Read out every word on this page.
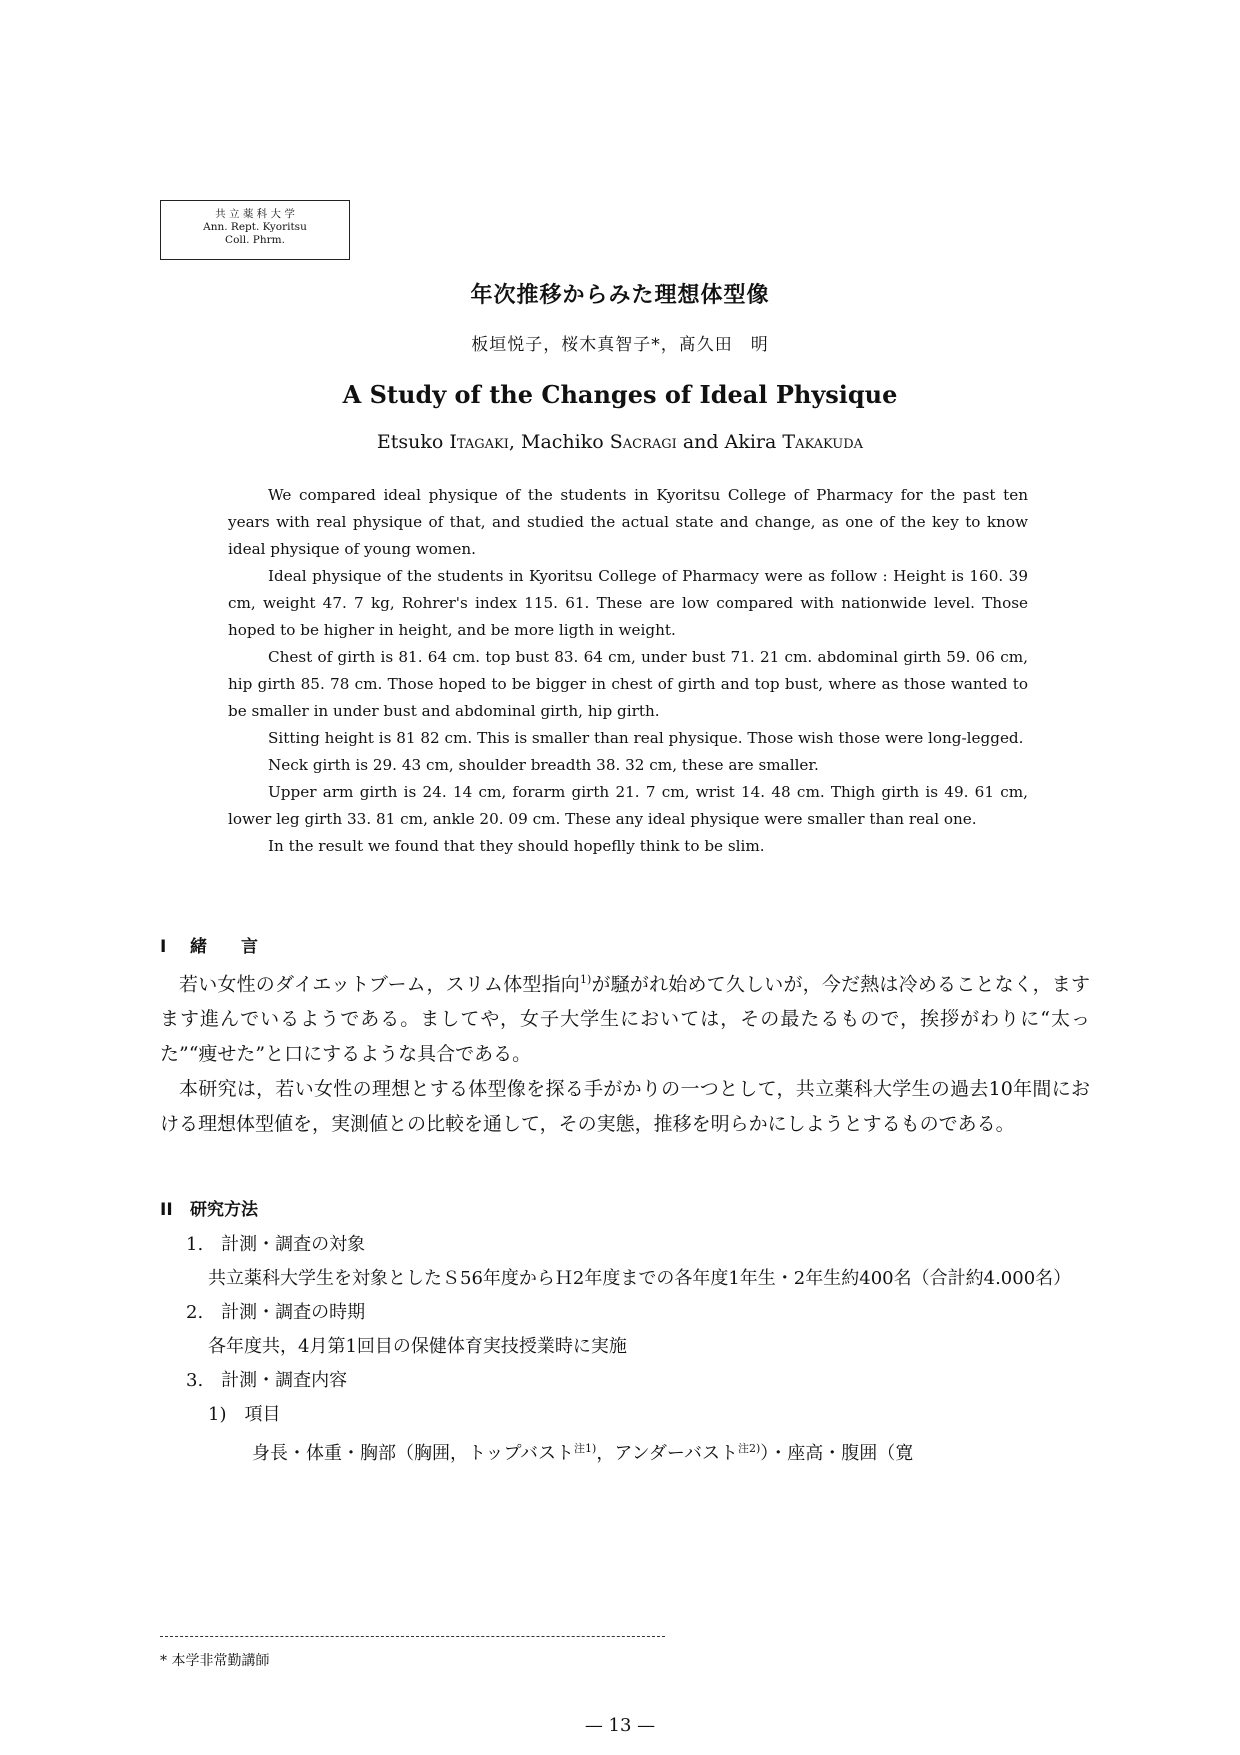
共 立 薬 科 大 学
Ann. Rept. Kyoritsu
Coll. Phrm.
年次推移からみた理想体型像
板垣悦子，桜木真智子*，髙久田　明
A Study of the Changes of Ideal Physique
Etsuko Itagaki, Machiko Sacragi and Akira Takakuda

We compared ideal physique of the students in Kyoritsu College of Pharmacy for the past ten years with real physique of that, and studied the actual state and change, as one of the key to know ideal physique of young women.

Ideal physique of the students in Kyoritsu College of Pharmacy were as follow : Height is 160. 39 cm, weight 47. 7 kg, Rohrer's index 115. 61. These are low compared with nationwide level. Those hoped to be higher in height, and be more ligth in weight.

Chest of girth is 81. 64 cm. top bust 83. 64 cm, under bust 71. 21 cm. abdominal girth 59. 06 cm, hip girth 85. 78 cm. Those hoped to be bigger in chest of girth and top bust, where as those wanted to be smaller in under bust and abdominal girth, hip girth.

Sitting height is 81 82 cm. This is smaller than real physique. Those wish those were long-legged.

Neck girth is 29. 43 cm, shoulder breadth 38. 32 cm, these are smaller.

Upper arm girth is 24. 14 cm, forarm girth 21. 7 cm, wrist 14. 48 cm. Thigh girth is 49. 61 cm, lower leg girth 33. 81 cm, ankle 20. 09 cm. These any ideal physique were smaller than real one.

In the result we found that they should hopeflly think to be slim.

I 緒　　言

若い女性のダイエットブーム，スリム体型指向$^{1)}$が騒がれ始めて久しいが，今だ熱は冷めることなく，ますます進んでいるようである。ましてや，女子大学生においては，その最たるもので，挨拶がわりに“太った”“痩せた”と口にするような具合である。

本研究は，若い女性の理想とする体型像を探る手がかりの一つとして，共立薬科大学生の過去10年間における理想体型値を，実測値との比較を通して，その実態，推移を明らかにしようとするものである。

II 研究方法
1.　計測・調査の対象
共立薬科大学生を対象としたＳ56年度からＨ2年度までの各年度1年生・2年生約400名（合計約4.000名）
2.　計測・調査の時期
各年度共，4月第1回目の保健体育実技授業時に実施
3.　計測・調査内容
1)　項目
身長・体重・胸部（胸囲，トップバスト$^{注1)}$，アンダーバスト$^{注2)}$）・座高・腹囲（寛
* 本学非常勤講師
— 13 —
